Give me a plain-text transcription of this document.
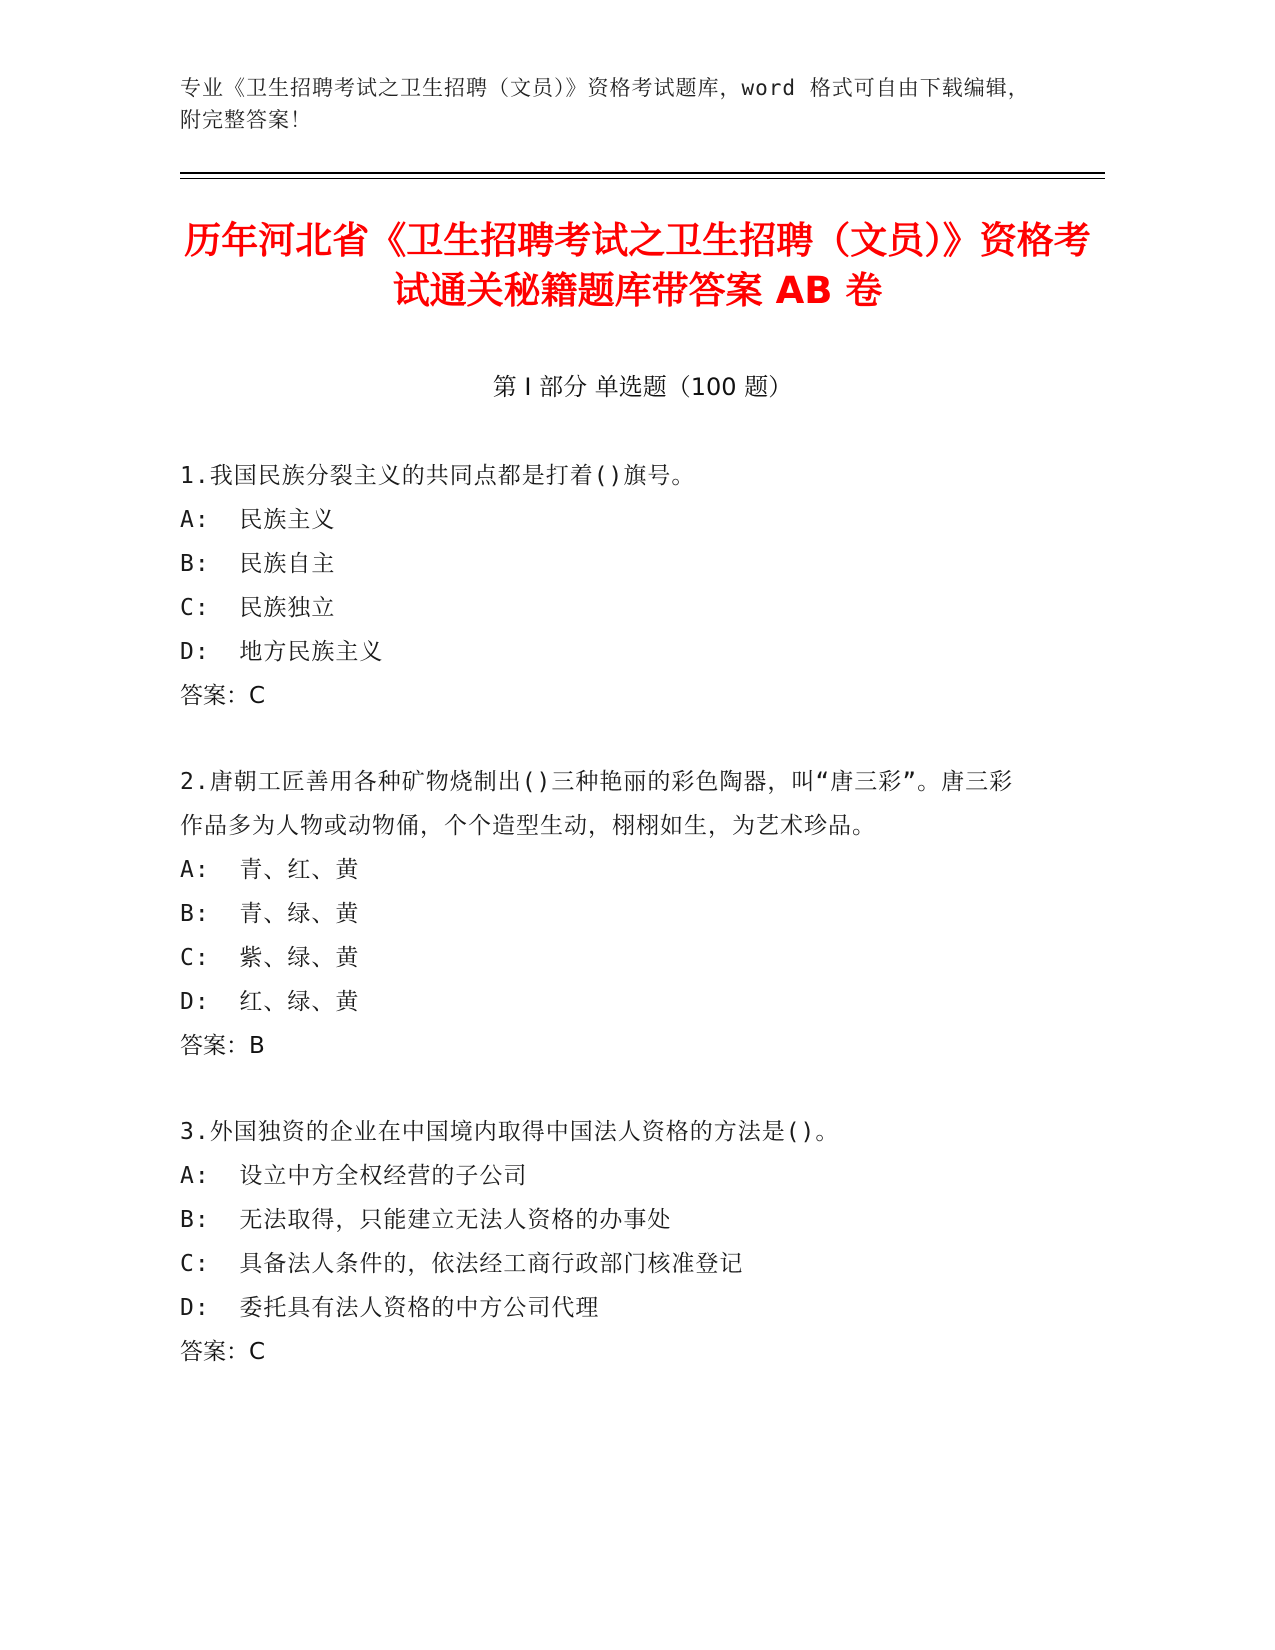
专业《卫生招聘考试之卫生招聘（文员）》资格考试题库，word 格式可自由下载编辑，附完整答案！
历年河北省《卫生招聘考试之卫生招聘（文员）》资格考试通关秘籍题库带答案 AB 卷
第 I 部分 单选题（100 题）
1.我国民族分裂主义的共同点都是打着()旗号。
A:  民族主义
B:  民族自主
C:  民族独立
D:  地方民族主义
答案：C
2.唐朝工匠善用各种矿物烧制出()三种艳丽的彩色陶器，叫“唐三彩”。唐三彩作品多为人物或动物俑，个个造型生动，栩栩如生，为艺术珍品。
A:  青、红、黄
B:  青、绿、黄
C:  紫、绿、黄
D:  红、绿、黄
答案：B
3.外国独资的企业在中国境内取得中国法人资格的方法是()。
A:  设立中方全权经营的子公司
B:  无法取得，只能建立无法人资格的办事处
C:  具备法人条件的，依法经工商行政部门核准登记
D:  委托具有法人资格的中方公司代理
答案：C
